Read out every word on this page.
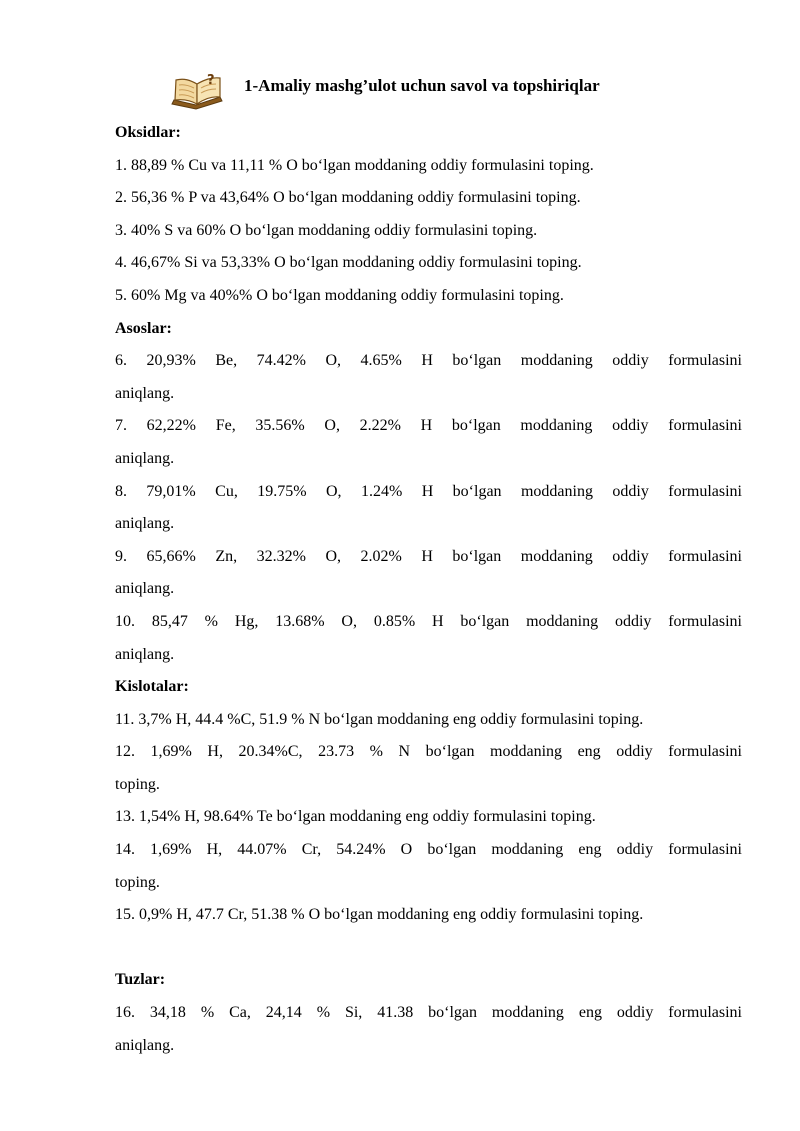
? 1-Amaliy mashg’ulot uchun savol va topshiriqlar

Oksidlar:

1. 88,89 % Cu va 11,11 % O bo‘lgan moddaning oddiy formulasini toping.

2. 56,36 % P va 43,64% O bo‘lgan moddaning oddiy formulasini toping.

3. 40% S va 60% O bo‘lgan moddaning oddiy formulasini toping.

4. 46,67% Si va 53,33% O bo‘lgan moddaning oddiy formulasini toping.

5. 60% Mg va 40%% O bo‘lgan moddaning oddiy formulasini toping.

Asoslar:

6. 20,93% Be, 74.42% O, 4.65% H bo‘lgan moddaning oddiy formulasini

aniqlang.

7. 62,22% Fe, 35.56% O, 2.22% H bo‘lgan moddaning oddiy formulasini

aniqlang.

8. 79,01% Cu, 19.75% O, 1.24% H bo‘lgan moddaning oddiy formulasini

aniqlang.

9. 65,66% Zn, 32.32% O, 2.02% H bo‘lgan moddaning oddiy formulasini

aniqlang.

10. 85,47 % Hg, 13.68% O, 0.85% H bo‘lgan moddaning oddiy formulasini

aniqlang.

Kislotalar:

11. 3,7% H, 44.4 %C, 51.9 % N bo‘lgan moddaning eng oddiy formulasini toping.

12. 1,69% H, 20.34%C, 23.73 % N bo‘lgan moddaning eng oddiy formulasini

toping.

13. 1,54% H, 98.64% Te bo‘lgan moddaning eng oddiy formulasini toping.

14. 1,69% H, 44.07% Cr, 54.24% O bo‘lgan moddaning eng oddiy formulasini

toping.

15. 0,9% H, 47.7 Cr, 51.38 % O bo‘lgan moddaning eng oddiy formulasini toping.

Tuzlar:

16. 34,18 % Ca, 24,14 % Si, 41.38 bo‘lgan moddaning eng oddiy formulasini

aniqlang.
